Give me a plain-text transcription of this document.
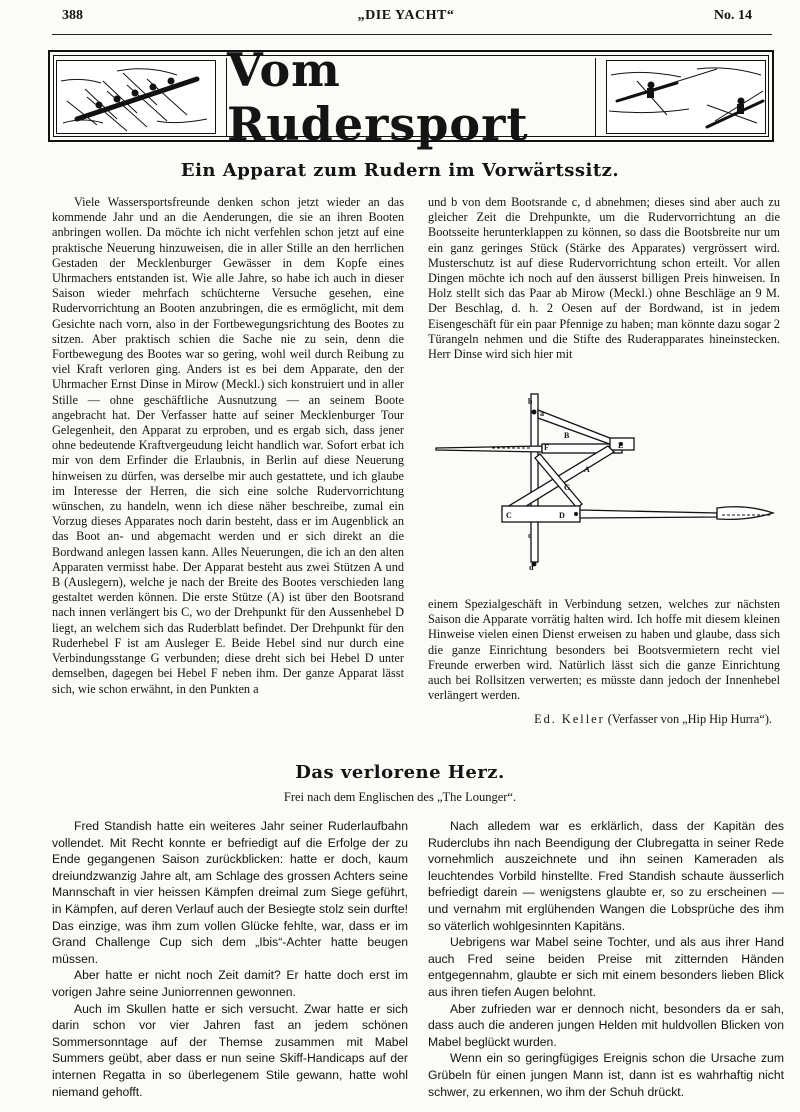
388	„DIE YACHT“	No. 14
Vom Rudersport
Ein Apparat zum Rudern im Vorwärtssitz.

Viele Wassersportsfreunde denken schon jetzt wieder an das kommende Jahr und an die Aenderungen, die sie an ihren Booten anbringen wollen. Da möchte ich nicht verfehlen schon jetzt auf eine praktische Neuerung hinzuweisen, die in aller Stille an den herrlichen Gestaden der Mecklenburger Gewässer in dem Kopfe eines Uhrmachers entstanden ist. Wie alle Jahre, so habe ich auch in dieser Saison wieder mehrfach schüchterne Versuche gesehen, eine Rudervorrichtung an Booten anzubringen, die es ermöglicht, mit dem Gesichte nach vorn, also in der Fortbewegungsrichtung des Bootes zu sitzen. Aber praktisch schien die Sache nie zu sein, denn die Fortbewegung des Bootes war so gering, wohl weil durch Reibung zu viel Kraft verloren ging. Anders ist es bei dem Apparate, den der Uhrmacher Ernst Dinse in Mirow (Meckl.) sich konstruiert und in aller Stille — ohne geschäftliche Ausnutzung — an seinem Boote angebracht hat. Der Verfasser hatte auf seiner Mecklenburger Tour Gelegenheit, den Apparat zu erproben, und es ergab sich, dass jener ohne bedeutende Kraftvergeudung leicht handlich war. Sofort erbat ich mir von dem Erfinder die Erlaubnis, in Berlin auf diese Neuerung hinweisen zu dürfen, was derselbe mir auch gestattete, und ich glaube im Interesse der Herren, die sich eine solche Rudervorrichtung wünschen, zu handeln, wenn ich diese näher beschreibe, zumal ein Vorzug dieses Apparates noch darin besteht, dass er im Augenblick an das Boot an- und abgemacht werden und er sich direkt an die Bordwand anlegen lassen kann. Alles Neuerungen, die ich an den alten Apparaten vermisst habe. Der Apparat besteht aus zwei Stützen A und B (Auslegern), welche je nach der Breite des Bootes verschieden lang gestaltet werden können. Die erste Stütze (A) ist über den Bootsrand nach innen verlängert bis C, wo der Drehpunkt für den Aussenhebel D liegt, an welchem sich das Ruderblatt befindet. Der Drehpunkt für den Ruderhebel F ist am Ausleger E. Beide Hebel sind nur durch eine Verbindungsstange G verbunden; diese dreht sich bei Hebel D unter demselben, dagegen bei Hebel F neben ihm. Der ganze Apparat lässt sich, wie schon erwähnt, in den Punkten a

und b von dem Bootsrande c, d abnehmen; dieses sind aber auch zu gleicher Zeit die Drehpunkte, um die Rudervorrichtung an die Bootsseite herunterklappen zu können, so dass die Bootsbreite nur um ein ganz geringes Stück (Stärke des Apparates) vergrössert wird. Musterschutz ist auf diese Rudervorrichtung schon erteilt. Vor allen Dingen möchte ich noch auf den äusserst billigen Preis hinweisen. In Holz stellt sich das Paar ab Mirow (Meckl.) ohne Beschläge an 9 M. Der Beschlag, d. h. 2 Oesen auf der Bordwand, ist in jedem Eisengeschäft für ein paar Pfennige zu haben; man könnte dazu sogar 2 Türangeln nehmen und die Stifte des Ruderapparates hineinstecken. Herr Dinse wird sich hier mit

B
F	E
A
G
C	D
b
a
c
d

einem Spezialgeschäft in Verbindung setzen, welches zur nächsten Saison die Apparate vorrätig halten wird. Ich hoffe mit diesem kleinen Hinweise vielen einen Dienst erweisen zu haben und glaube, dass sich die ganze Einrichtung besonders bei Bootsvermietern recht viel Freunde erwerben wird. Natürlich lässt sich die ganze Einrichtung auch bei Rollsitzen verwerten; es müsste dann jedoch der Innenhebel verlängert werden.

Ed. Keller (Verfasser von „Hip Hip Hurra“).
Das verlorene Herz.
Frei nach dem Englischen des „The Lounger“.

Fred Standish hatte ein weiteres Jahr seiner Ruderlaufbahn vollendet. Mit Recht konnte er befriedigt auf die Erfolge der zu Ende gegangenen Saison zurückblicken: hatte er doch, kaum dreiundzwanzig Jahre alt, am Schlage des grossen Achters seine Mannschaft in vier heissen Kämpfen dreimal zum Siege geführt, in Kämpfen, auf deren Verlauf auch der Besiegte stolz sein durfte! Das einzige, was ihm zum vollen Glücke fehlte, war, dass er im Grand Challenge Cup sich dem „Ibis“-Achter hatte beugen müssen.

Aber hatte er nicht noch Zeit damit? Er hatte doch erst im vorigen Jahre seine Juniorrennen gewonnen.

Auch im Skullen hatte er sich versucht. Zwar hatte er sich darin schon vor vier Jahren fast an jedem schönen Sommersonntage auf der Themse zusammen mit Mabel Summers geübt, aber dass er nun seine Skiff-Handicaps auf der internen Regatta in so überlegenem Stile gewann, hatte wohl niemand gehofft.

Nach alledem war es erklärlich, dass der Kapitän des Ruderclubs ihn nach Beendigung der Clubregatta in seiner Rede vornehmlich auszeichnete und ihn seinen Kameraden als leuchtendes Vorbild hinstellte. Fred Standish schaute äusserlich befriedigt darein — wenigstens glaubte er, so zu erscheinen — und vernahm mit erglühenden Wangen die Lobsprüche des ihm so väterlich wohlgesinnten Kapitäns.

Uebrigens war Mabel seine Tochter, und als aus ihrer Hand auch Fred seine beiden Preise mit zitternden Händen entgegennahm, glaubte er sich mit einem besonders lieben Blick aus ihren tiefen Augen belohnt.

Aber zufrieden war er dennoch nicht, besonders da er sah, dass auch die anderen jungen Helden mit huldvollen Blicken von Mabel beglückt wurden.

Wenn ein so geringfügiges Ereignis schon die Ursache zum Grübeln für einen jungen Mann ist, dann ist es wahrhaftig nicht schwer, zu erkennen, wo ihm der Schuh drückt.
